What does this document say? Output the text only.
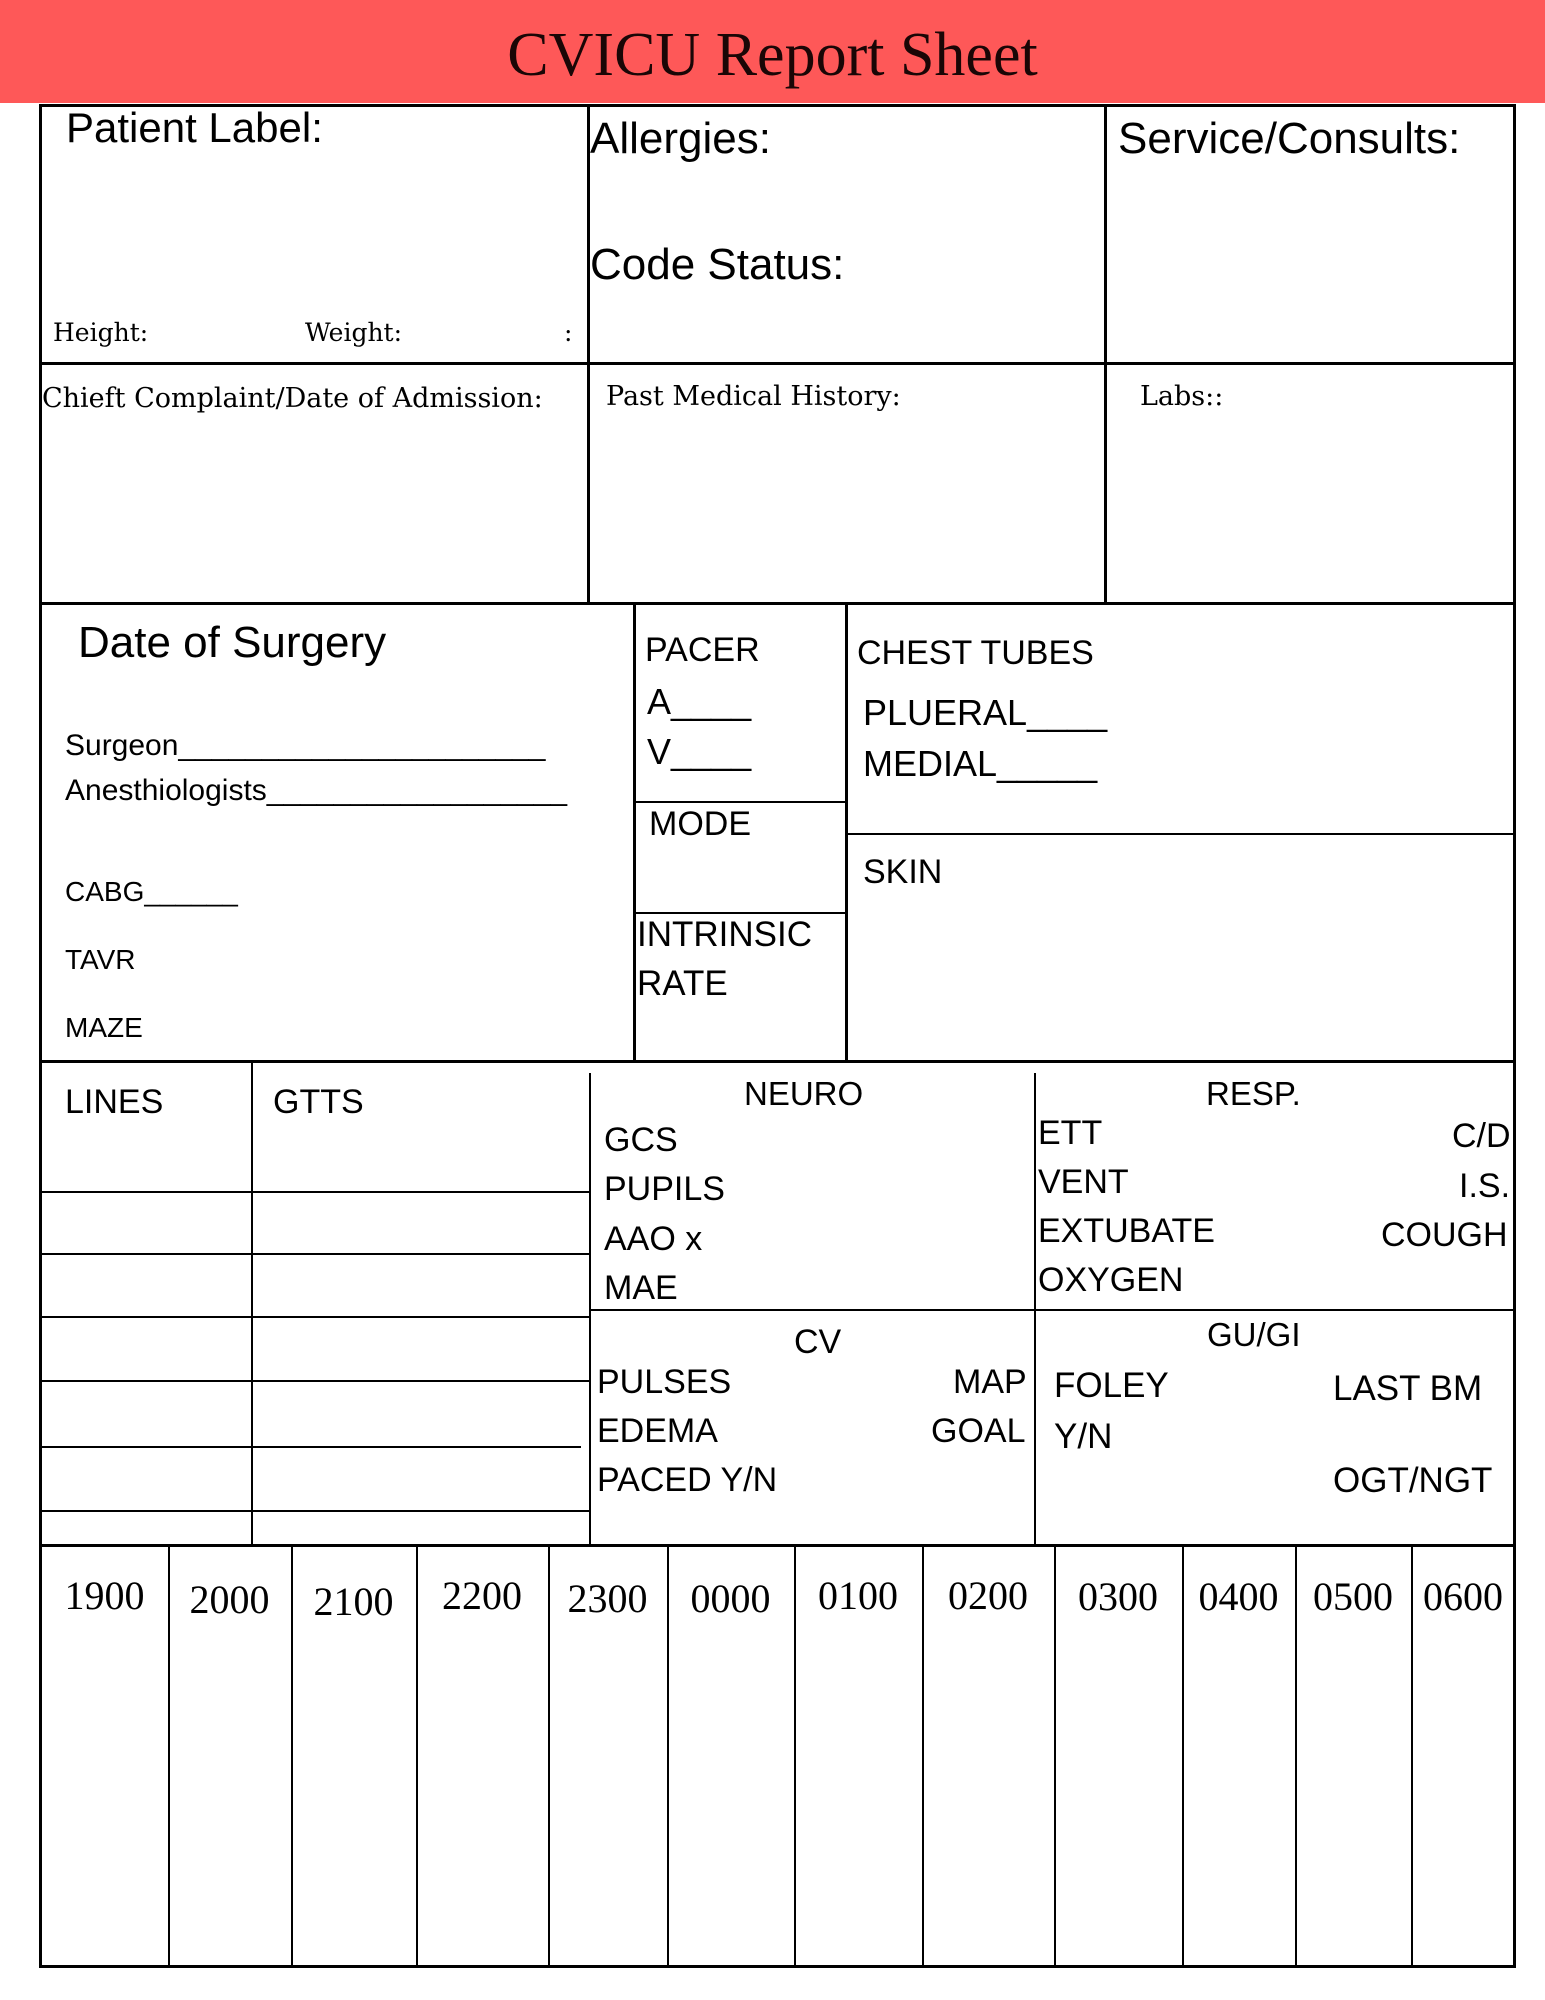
CVICU Report Sheet
Patient Label:
Height:	Weight:	:
Allergies:
Code Status:
Service/Consults:
Chieft Complaint/Date of Admission: Past Medical History:	Labs::
Date of Surgery
Surgeon______________________
Anesthiologists__________________
CABG______
TAVR
MAZE
PACER
A____
V____
MODE
INTRINSIC
RATE
CHEST TUBES
PLUERAL____
MEDIAL_____
SKIN
LINES	GTTS	NEURO
GCS
PUPILS
AAO x
MAE
RESP.
ETT
VENT
EXTUBATE
OXYGEN
C/D
I.S.
COUGH
CV
PULSES
EDEMA
PACED Y/N
MAP
GOAL
GU/GI
FOLEY
Y/N
LAST BM
OGT/NGT
1900	2000	2100	2200	2300	0000	0100	0200	0300	0400 0500 0600
